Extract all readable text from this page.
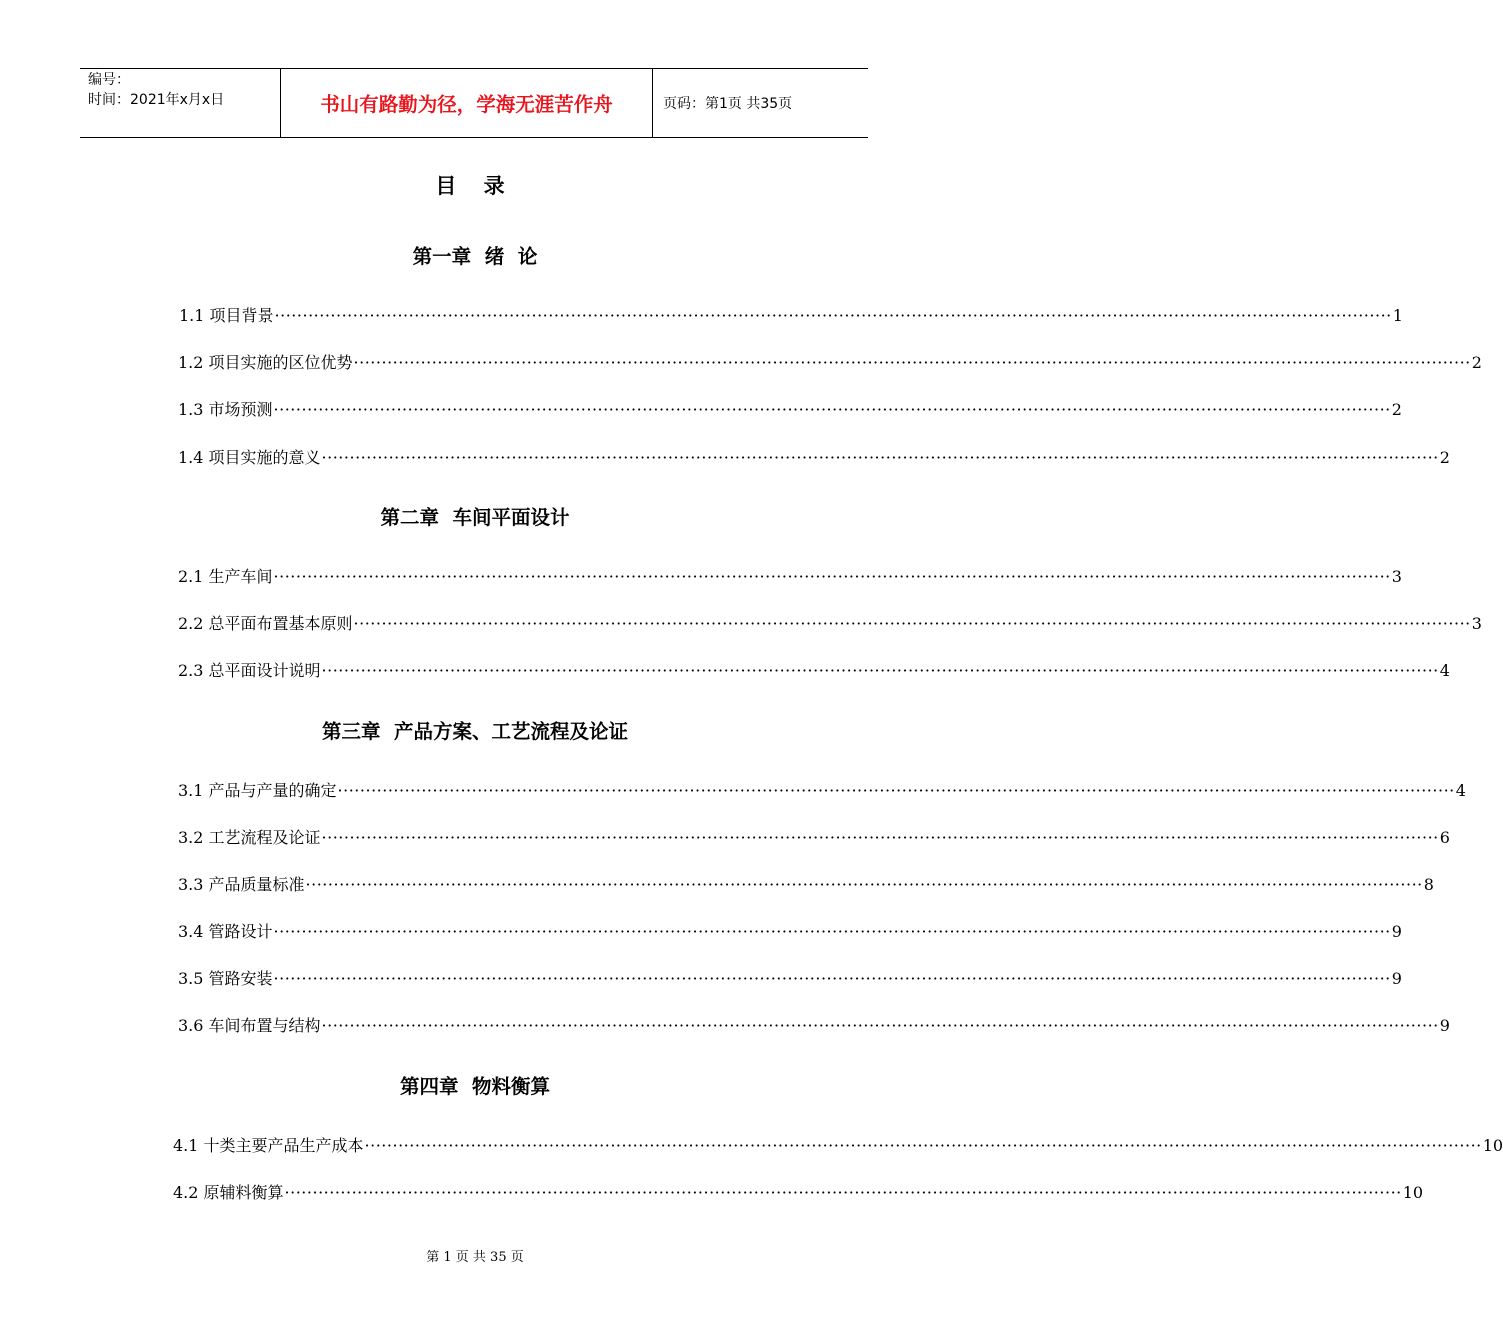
编号：
时间：2021年x月x日	书山有路勤为径，学海无涯苦作舟	页码：第1页 共35页
目 录
第一章  绪  论
1.1 项目背景 ········································································································································································································ 1
1.2 项目实施的区位优势 ········································································································································································································ 2
1.3 市场预测 ········································································································································································································ 2
1.4 项目实施的意义 ········································································································································································································ 2
第二章  车间平面设计
2.1 生产车间 ········································································································································································································ 3
2.2 总平面布置基本原则 ········································································································································································································ 3
2.3 总平面设计说明 ········································································································································································································ 4
第三章  产品方案、工艺流程及论证
3.1 产品与产量的确定 ········································································································································································································ 4
3.2 工艺流程及论证 ········································································································································································································ 6
3.3 产品质量标准 ········································································································································································································ 8
3.4 管路设计 ········································································································································································································ 9
3.5 管路安装 ········································································································································································································ 9
3.6 车间布置与结构 ········································································································································································································ 9
第四章  物料衡算
4.1 十类主要产品生产成本 ········································································································································································································ 10
4.2 原辅料衡算 ········································································································································································································ 10
第 1 页 共 35 页
